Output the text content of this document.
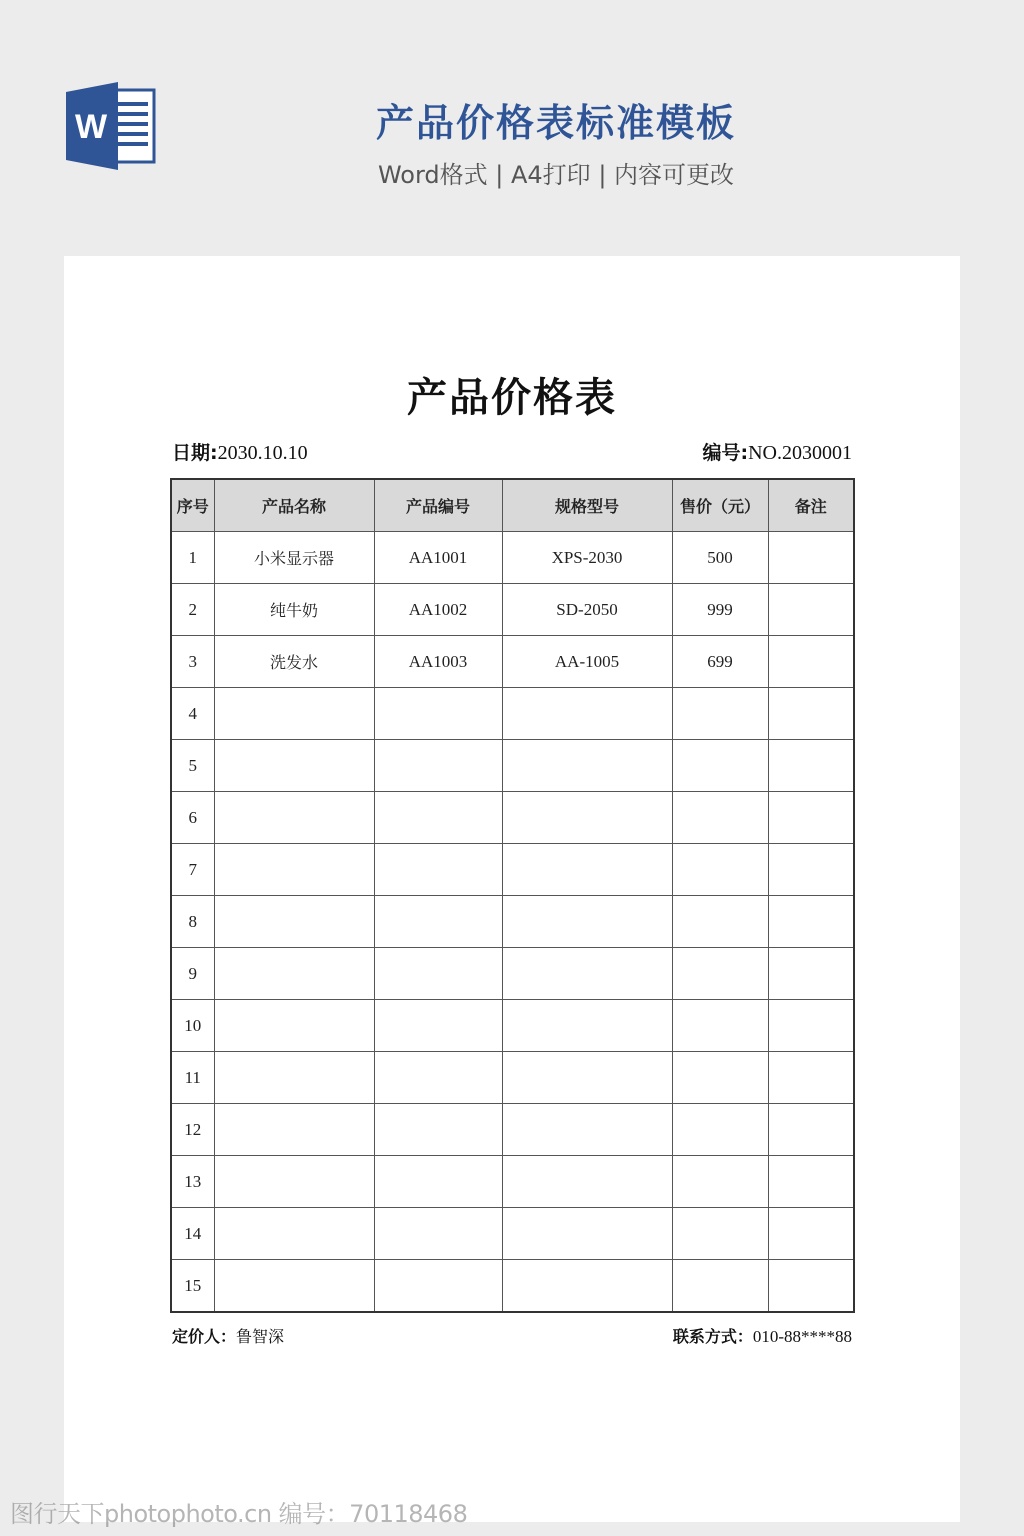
W	产品价格表标准模板
Word格式 | A4打印 | 内容可更改
产品价格表
日期:2030.10.10	编号:NO.2030001
序号	产品名称	产品编号	规格型号	售价（元）	备注
1	小米显示器	AA1001	XPS-2030	500	
2	纯牛奶	AA1002	SD-2050	999	
3	洗发水	AA1003	AA-1005	699	
4					
5					
6					
7					
8					
9					
10					
11					
12					
13					
14					
15					
定价人：鲁智深	联系方式：010-88****88
图行天下photophoto.cn 编号：70118468
